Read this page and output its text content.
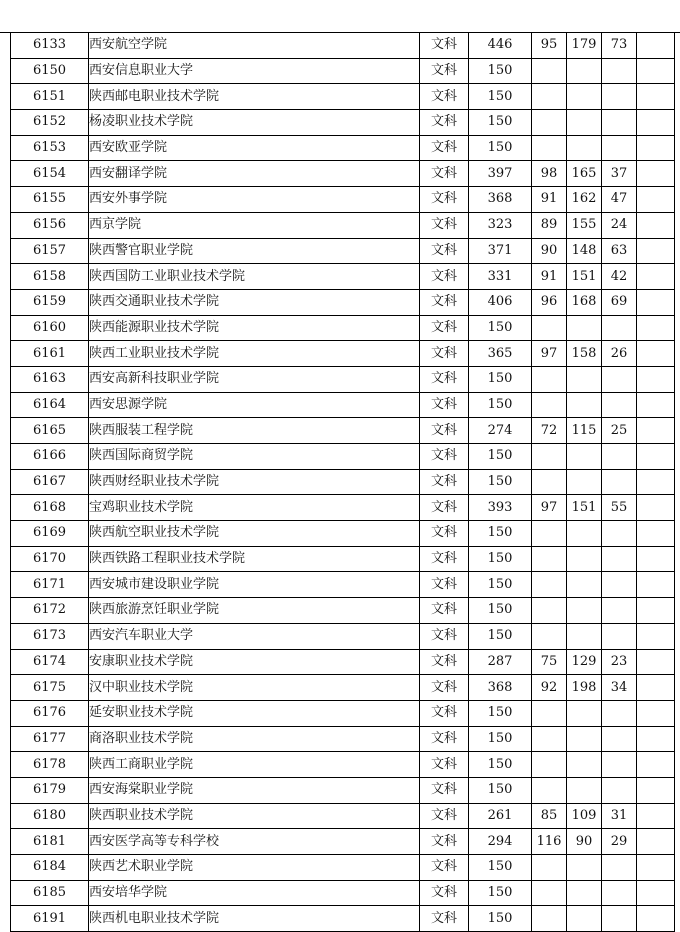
6133	西安航空学院	文科	446	95	179	73	
6150	西安信息职业大学	文科	150				
6151	陕西邮电职业技术学院	文科	150				
6152	杨凌职业技术学院	文科	150				
6153	西安欧亚学院	文科	150				
6154	西安翻译学院	文科	397	98	165	37	
6155	西安外事学院	文科	368	91	162	47	
6156	西京学院	文科	323	89	155	24	
6157	陕西警官职业学院	文科	371	90	148	63	
6158	陕西国防工业职业技术学院	文科	331	91	151	42	
6159	陕西交通职业技术学院	文科	406	96	168	69	
6160	陕西能源职业技术学院	文科	150				
6161	陕西工业职业技术学院	文科	365	97	158	26	
6163	西安高新科技职业学院	文科	150				
6164	西安思源学院	文科	150				
6165	陕西服装工程学院	文科	274	72	115	25	
6166	陕西国际商贸学院	文科	150				
6167	陕西财经职业技术学院	文科	150				
6168	宝鸡职业技术学院	文科	393	97	151	55	
6169	陕西航空职业技术学院	文科	150				
6170	陕西铁路工程职业技术学院	文科	150				
6171	西安城市建设职业学院	文科	150				
6172	陕西旅游烹饪职业学院	文科	150				
6173	西安汽车职业大学	文科	150				
6174	安康职业技术学院	文科	287	75	129	23	
6175	汉中职业技术学院	文科	368	92	198	34	
6176	延安职业技术学院	文科	150				
6177	商洛职业技术学院	文科	150				
6178	陕西工商职业学院	文科	150				
6179	西安海棠职业学院	文科	150				
6180	陕西职业技术学院	文科	261	85	109	31	
6181	西安医学高等专科学校	文科	294	116	90	29	
6184	陕西艺术职业学院	文科	150				
6185	西安培华学院	文科	150				
6191	陕西机电职业技术学院	文科	150				
